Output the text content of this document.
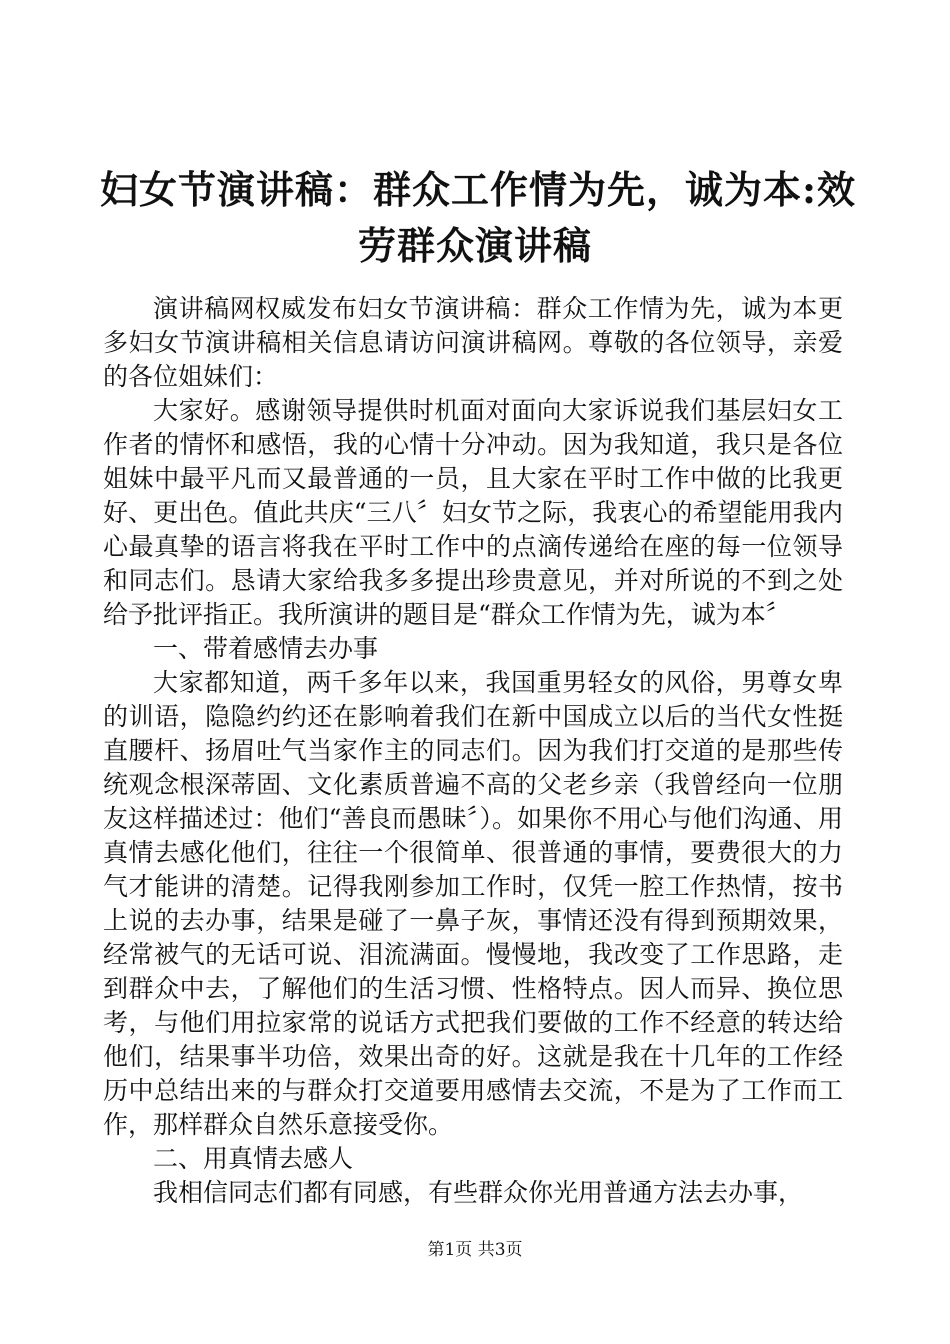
妇女节演讲稿：群众工作情为先，诚为本:效

劳群众演讲稿

演讲稿网权威发布妇女节演讲稿：群众工作情为先，诚为本更多妇女节演讲稿相关信息请访问演讲稿网。尊敬的各位领导，亲爱的各位姐妹们：

大家好。感谢领导提供时机面对面向大家诉说我们基层妇女工作者的情怀和感悟，我的心情十分冲动。因为我知道，我只是各位姐妹中最平凡而又最普通的一员，且大家在平时工作中做的比我更好、更出色。值此共庆“三八〞妇女节之际，我衷心的希望能用我内心最真挚的语言将我在平时工作中的点滴传递给在座的每一位领导和同志们。恳请大家给我多多提出珍贵意见，并对所说的不到之处给予批评指正。我所演讲的题目是“群众工作情为先，诚为本〞

一、带着感情去办事

大家都知道，两千多年以来，我国重男轻女的风俗，男尊女卑的训语，隐隐约约还在影响着我们在新中国成立以后的当代女性挺直腰杆、扬眉吐气当家作主的同志们。因为我们打交道的是那些传统观念根深蒂固、文化素质普遍不高的父老乡亲（我曾经向一位朋友这样描述过：他们“善良而愚昧〞）。如果你不用心与他们沟通、用真情去感化他们，往往一个很简单、很普通的事情，要费很大的力气才能讲的清楚。记得我刚参加工作时，仅凭一腔工作热情，按书上说的去办事，结果是碰了一鼻子灰，事情还没有得到预期效果，经常被气的无话可说、泪流满面。慢慢地，我改变了工作思路，走到群众中去，了解他们的生活习惯、性格特点。因人而异、换位思考，与他们用拉家常的说话方式把我们要做的工作不经意的转达给他们，结果事半功倍，效果出奇的好。这就是我在十几年的工作经历中总结出来的与群众打交道要用感情去交流，不是为了工作而工作，那样群众自然乐意接受你。

二、用真情去感人

我相信同志们都有同感，有些群众你光用普通方法去办事，

第1页 共3页
